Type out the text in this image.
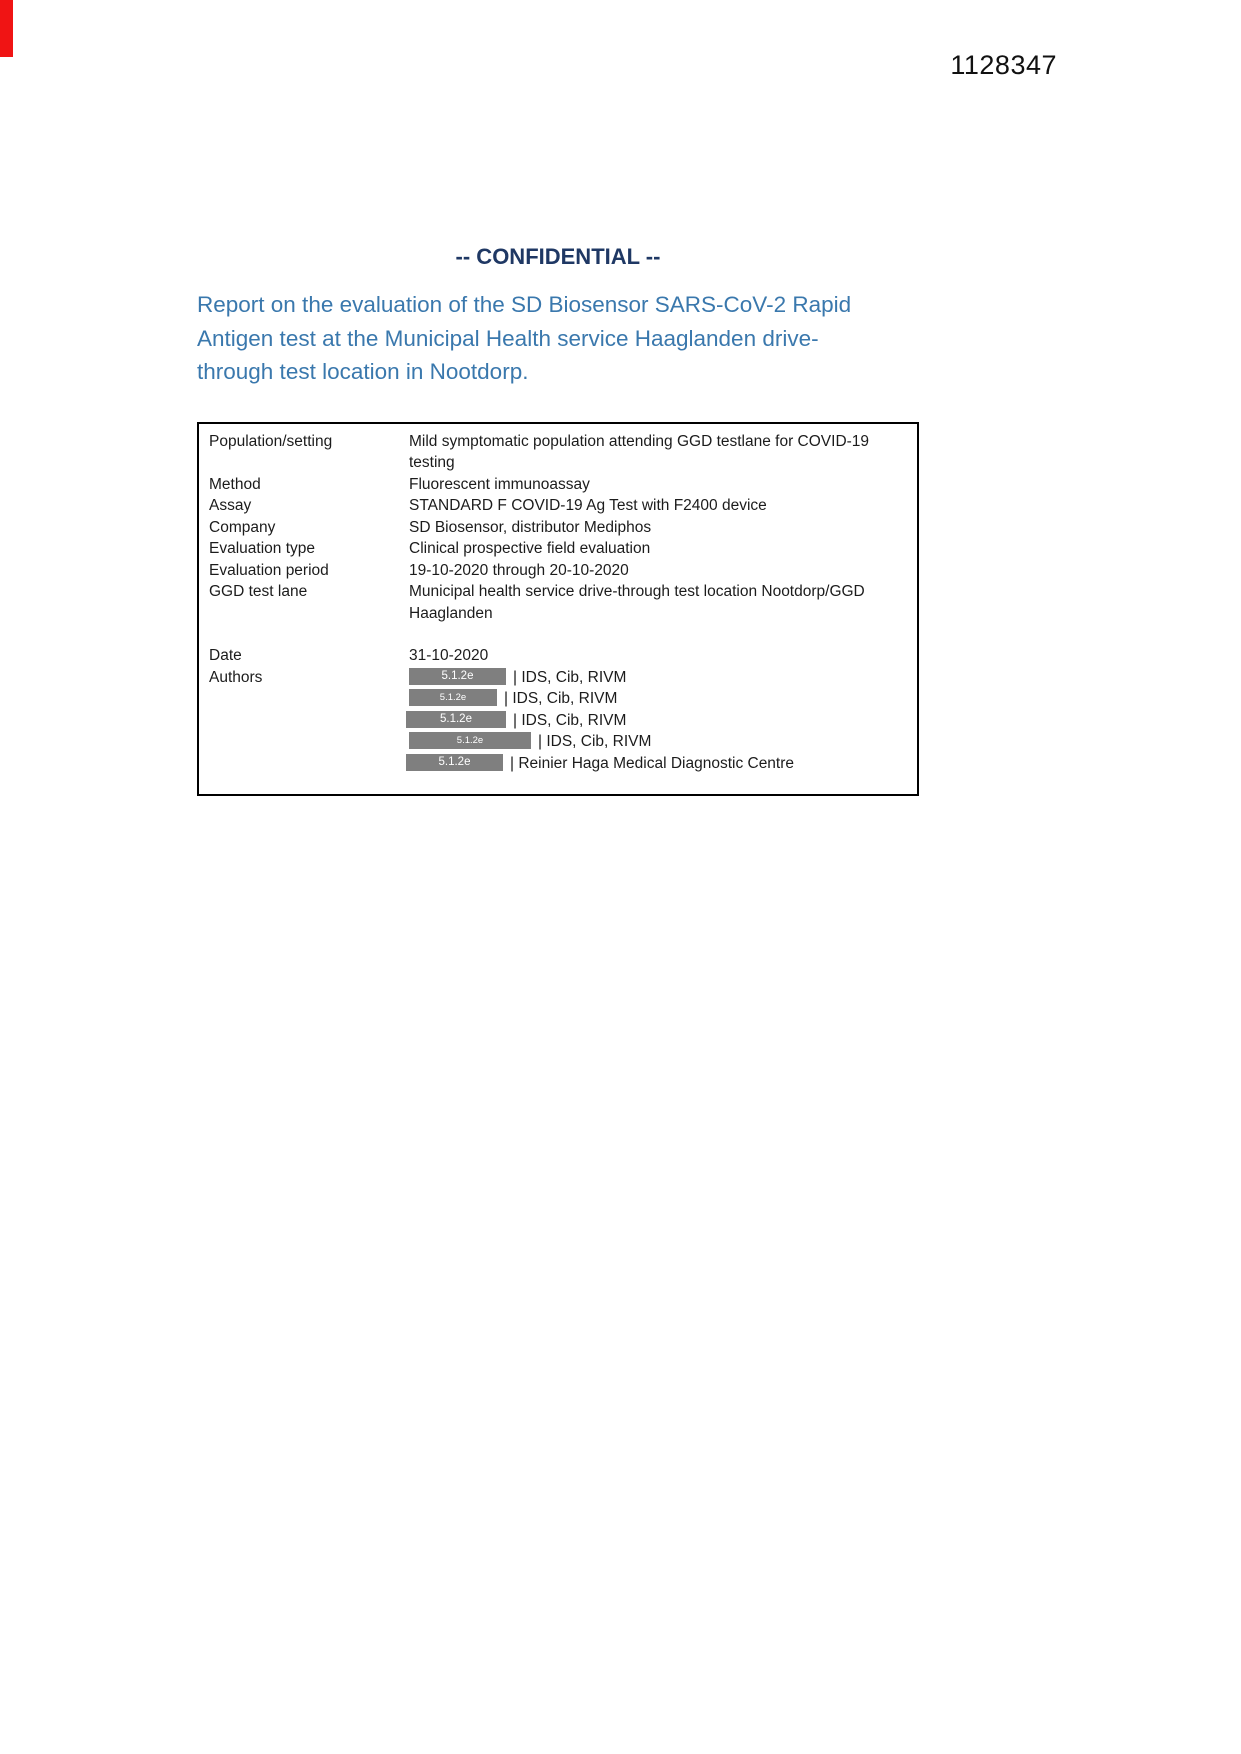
1128347
-- CONFIDENTIAL --
Report on the evaluation of the SD Biosensor SARS-CoV-2 Rapid Antigen test at the Municipal Health service Haaglanden drive-through test location in Nootdorp.
Population/setting	Mild symptomatic population attending GGD testlane for COVID-19 testing
Method	Fluorescent immunoassay
Assay	STANDARD F COVID-19 Ag Test with F2400 device
Company	SD Biosensor, distributor Mediphos
Evaluation type	Clinical prospective field evaluation
Evaluation period	19-10-2020 through 20-10-2020
GGD test lane	Municipal health service drive-through test location Nootdorp/GGD Haaglanden
Date	31-10-2020
Authors	5.1.2e	| IDS, Cib, RIVM
5.1.2e | IDS, Cib, RIVM
5.1.2e	| IDS, Cib, RIVM
5.1.2e	| IDS, Cib, RIVM
5.1.2e	| Reinier Haga Medical Diagnostic Centre
